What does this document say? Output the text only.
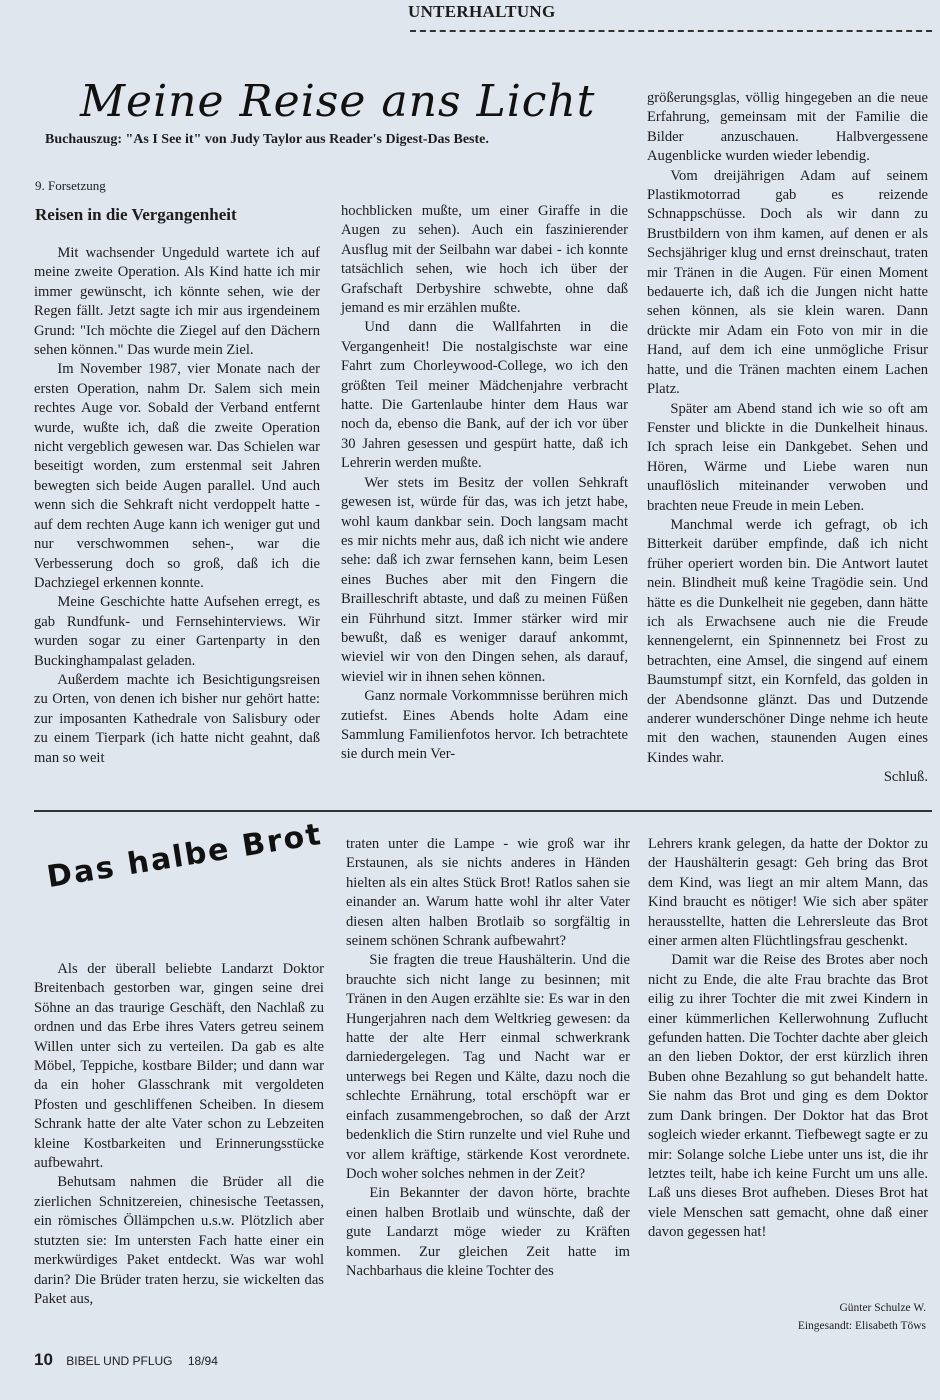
UNTERHALTUNG
Meine Reise ans Licht
Buchauszug: "As I See it" von Judy Taylor aus Reader's Digest-Das Beste.
9. Forsetzung
Reisen in die Vergangenheit

Mit wachsender Ungeduld wartete ich auf meine zweite Operation. Als Kind hatte ich mir immer gewünscht, ich könnte sehen, wie der Regen fällt. Jetzt sagte ich mir aus irgendeinem Grund: "Ich möchte die Ziegel auf den Dächern sehen können." Das wurde mein Ziel.

Im November 1987, vier Monate nach der ersten Operation, nahm Dr. Salem sich mein rechtes Auge vor. Sobald der Verband entfernt wurde, wußte ich, daß die zweite Operation nicht vergeblich gewesen war. Das Schielen war beseitigt worden, zum erstenmal seit Jahren bewegten sich beide Augen parallel. Und auch wenn sich die Sehkraft nicht verdoppelt hatte - auf dem rechten Auge kann ich weniger gut und nur verschwommen sehen-, war die Verbesserung doch so groß, daß ich die Dachziegel erkennen konnte.

Meine Geschichte hatte Aufsehen erregt, es gab Rundfunk- und Fernsehinterviews. Wir wurden sogar zu einer Gartenparty in den Buckinghampalast geladen.

Außerdem machte ich Besichtigungsreisen zu Orten, von denen ich bisher nur gehört hatte: zur imposanten Kathedrale von Salisbury oder zu einem Tierpark (ich hatte nicht geahnt, daß man so weit

hochblicken mußte, um einer Giraffe in die Augen zu sehen). Auch ein faszinierender Ausflug mit der Seilbahn war dabei - ich konnte tatsächlich sehen, wie hoch ich über der Grafschaft Derbyshire schwebte, ohne daß jemand es mir erzählen mußte.

Und dann die Wallfahrten in die Vergangenheit! Die nostalgischste war eine Fahrt zum Chorleywood-College, wo ich den größten Teil meiner Mädchenjahre verbracht hatte. Die Gartenlaube hinter dem Haus war noch da, ebenso die Bank, auf der ich vor über 30 Jahren gesessen und gespürt hatte, daß ich Lehrerin werden mußte.

Wer stets im Besitz der vollen Sehkraft gewesen ist, würde für das, was ich jetzt habe, wohl kaum dankbar sein. Doch langsam macht es mir nichts mehr aus, daß ich nicht wie andere sehe: daß ich zwar fernsehen kann, beim Lesen eines Buches aber mit den Fingern die Brailleschrift abtaste, und daß zu meinen Füßen ein Führhund sitzt. Immer stärker wird mir bewußt, daß es weniger darauf ankommt, wieviel wir von den Dingen sehen, als darauf, wieviel wir in ihnen sehen können.

Ganz normale Vorkommnisse berühren mich zutiefst. Eines Abends holte Adam eine Sammlung Familienfotos hervor. Ich betrachtete sie durch mein Ver-

größerungsglas, völlig hingegeben an die neue Erfahrung, gemeinsam mit der Familie die Bilder anzuschauen. Halbvergessene Augenblicke wurden wieder lebendig.

Vom dreijährigen Adam auf seinem Plastikmotorrad gab es reizende Schnappschüsse. Doch als wir dann zu Brustbildern von ihm kamen, auf denen er als Sechsjähriger klug und ernst dreinschaut, traten mir Tränen in die Augen. Für einen Moment bedauerte ich, daß ich die Jungen nicht hatte sehen können, als sie klein waren. Dann drückte mir Adam ein Foto von mir in die Hand, auf dem ich eine unmögliche Frisur hatte, und die Tränen machten einem Lachen Platz.

Später am Abend stand ich wie so oft am Fenster und blickte in die Dunkelheit hinaus. Ich sprach leise ein Dankgebet. Sehen und Hören, Wärme und Liebe waren nun unauflöslich miteinander verwoben und brachten neue Freude in mein Leben.

Manchmal werde ich gefragt, ob ich Bitterkeit darüber empfinde, daß ich nicht früher operiert worden bin. Die Antwort lautet nein. Blindheit muß keine Tragödie sein. Und hätte es die Dunkelheit nie gegeben, dann hätte ich als Erwachsene auch nie die Freude kennengelernt, ein Spinnennetz bei Frost zu betrachten, eine Amsel, die singend auf einem Baumstumpf sitzt, ein Kornfeld, das golden in der Abendsonne glänzt. Das und Dutzende anderer wunderschöner Dinge nehme ich heute mit den wachen, staunenden Augen eines Kindes wahr.

Schluß.
Das halbe Brot

Als der überall beliebte Landarzt Doktor Breitenbach gestorben war, gingen seine drei Söhne an das traurige Geschäft, den Nachlaß zu ordnen und das Erbe ihres Vaters getreu seinem Willen unter sich zu verteilen. Da gab es alte Möbel, Teppiche, kostbare Bilder; und dann war da ein hoher Glasschrank mit vergoldeten Pfosten und geschliffenen Scheiben. In diesem Schrank hatte der alte Vater schon zu Lebzeiten kleine Kostbarkeiten und Erinnerungsstücke aufbewahrt.

Behutsam nahmen die Brüder all die zierlichen Schnitzereien, chinesische Teetassen, ein römisches Öllämpchen u.s.w. Plötzlich aber stutzten sie: Im untersten Fach hatte einer ein merkwürdiges Paket entdeckt. Was war wohl darin? Die Brüder traten herzu, sie wickelten das Paket aus,

traten unter die Lampe - wie groß war ihr Erstaunen, als sie nichts anderes in Händen hielten als ein altes Stück Brot! Ratlos sahen sie einander an. Warum hatte wohl ihr alter Vater diesen alten halben Brotlaib so sorgfältig in seinem schönen Schrank aufbewahrt?

Sie fragten die treue Haushälterin. Und die brauchte sich nicht lange zu besinnen; mit Tränen in den Augen erzählte sie: Es war in den Hungerjahren nach dem Weltkrieg gewesen: da hatte der alte Herr einmal schwerkrank darniedergelegen. Tag und Nacht war er unterwegs bei Regen und Kälte, dazu noch die schlechte Ernährung, total erschöpft war er einfach zusammengebrochen, so daß der Arzt bedenklich die Stirn runzelte und viel Ruhe und vor allem kräftige, stärkende Kost verordnete. Doch woher solches nehmen in der Zeit?

Ein Bekannter der davon hörte, brachte einen halben Brotlaib und wünschte, daß der gute Landarzt möge wieder zu Kräften kommen. Zur gleichen Zeit hatte im Nachbarhaus die kleine Tochter des

Lehrers krank gelegen, da hatte der Doktor zu der Haushälterin gesagt: Geh bring das Brot dem Kind, was liegt an mir altem Mann, das Kind braucht es nötiger! Wie sich aber später herausstellte, hatten die Lehrersleute das Brot einer armen alten Flüchtlingsfrau geschenkt.

Damit war die Reise des Brotes aber noch nicht zu Ende, die alte Frau brachte das Brot eilig zu ihrer Tochter die mit zwei Kindern in einer kümmerlichen Kellerwohnung Zuflucht gefunden hatten. Die Tochter dachte aber gleich an den lieben Doktor, der erst kürzlich ihren Buben ohne Bezahlung so gut behandelt hatte. Sie nahm das Brot und ging es dem Doktor zum Dank bringen. Der Doktor hat das Brot sogleich wieder erkannt. Tiefbewegt sagte er zu mir: Solange solche Liebe unter uns ist, die ihr letztes teilt, habe ich keine Furcht um uns alle. Laß uns dieses Brot aufheben. Dieses Brot hat viele Menschen satt gemacht, ohne daß einer davon gegessen hat!

Günter Schulze W.
Eingesandt: Elisabeth Töws
10 BIBEL UND PFLUG 18/94
